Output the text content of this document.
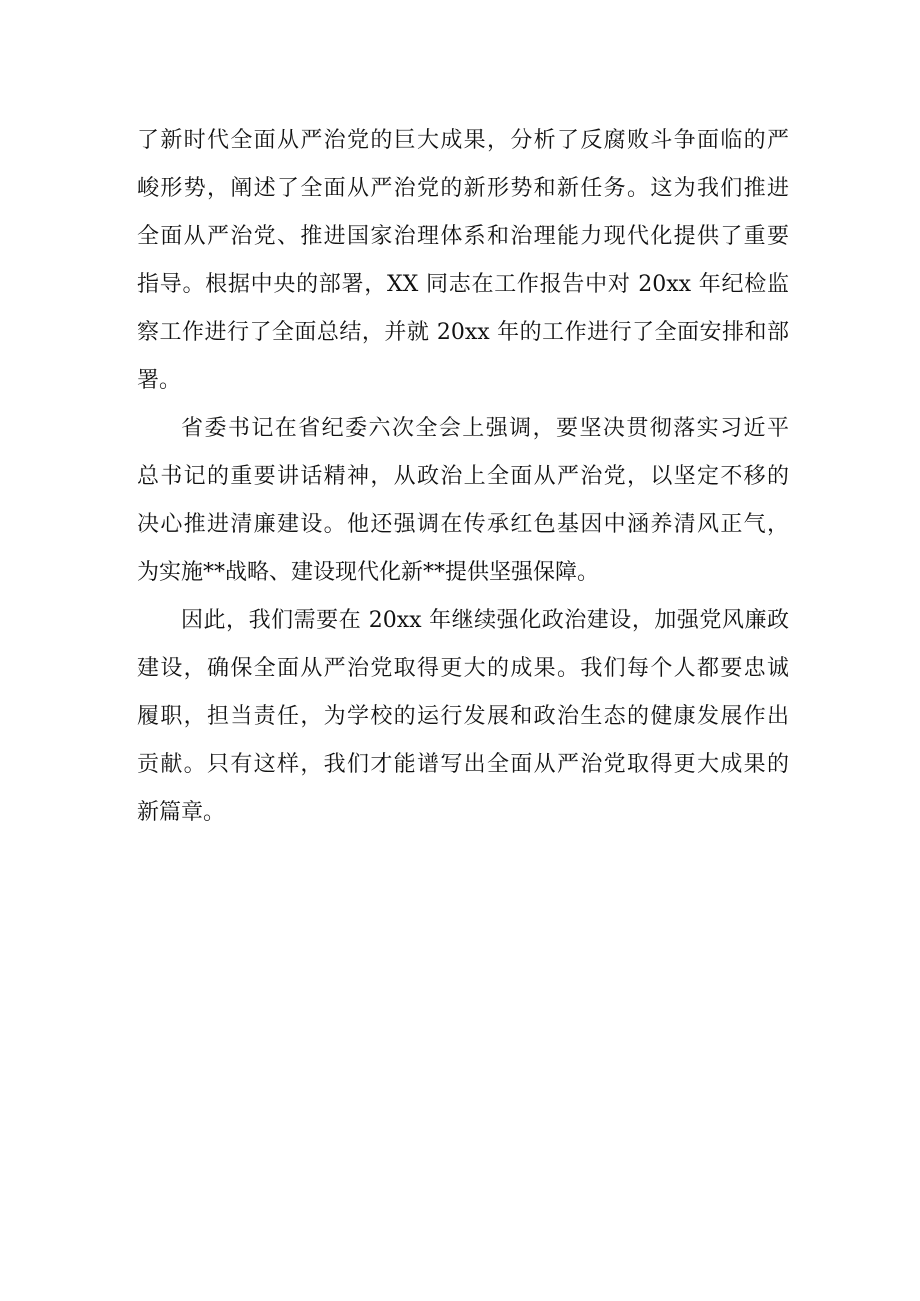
了新时代全面从严治党的巨大成果，分析了反腐败斗争面临的严
峻形势，阐述了全面从严治党的新形势和新任务。这为我们推进
全面从严治党、推进国家治理体系和治理能力现代化提供了重要
指导。根据中央的部署，XX 同志在工作报告中对 20xx 年纪检监
察工作进行了全面总结，并就 20xx 年的工作进行了全面安排和部
署。
省委书记在省纪委六次全会上强调，要坚决贯彻落实习近平
总书记的重要讲话精神，从政治上全面从严治党，以坚定不移的
决心推进清廉建设。他还强调在传承红色基因中涵养清风正气，
为实施**战略、建设现代化新**提供坚强保障。
因此，我们需要在 20xx 年继续强化政治建设，加强党风廉政
建设，确保全面从严治党取得更大的成果。我们每个人都要忠诚
履职，担当责任，为学校的运行发展和政治生态的健康发展作出
贡献。只有这样，我们才能谱写出全面从严治党取得更大成果的
新篇章。
